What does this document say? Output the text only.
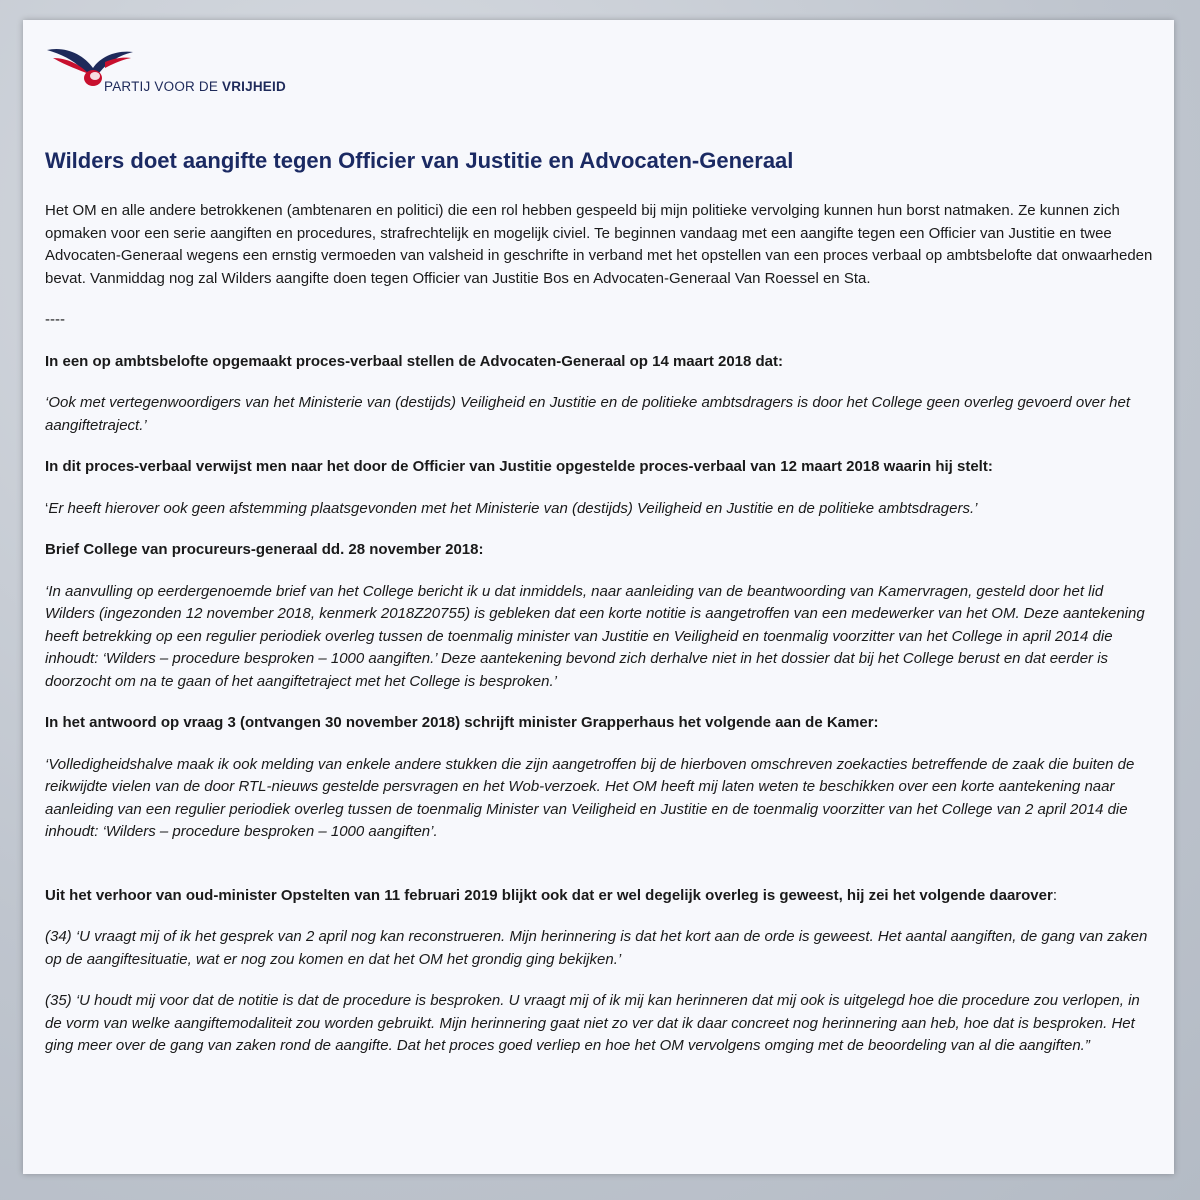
PARTIJ VOOR DE VRIJHEID
Wilders doet aangifte tegen Officier van Justitie en Advocaten-Generaal

Het OM en alle andere betrokkenen (ambtenaren en politici) die een rol hebben gespeeld bij mijn politieke vervolging kunnen hun borst natmaken. Ze kunnen zich opmaken voor een serie aangiften en procedures, strafrechtelijk en mogelijk civiel. Te beginnen vandaag met een aangifte tegen een Officier van Justitie en twee Advocaten-Generaal wegens een ernstig vermoeden van valsheid in geschrifte in verband met het opstellen van een proces verbaal op ambtsbelofte dat onwaarheden bevat. Vanmiddag nog zal Wilders aangifte doen tegen Officier van Justitie Bos en Advocaten-Generaal Van Roessel en Sta.

----

In een op ambtsbelofte opgemaakt proces-verbaal stellen de Advocaten-Generaal op 14 maart 2018 dat:

‘Ook met vertegenwoordigers van het Ministerie van (destijds) Veiligheid en Justitie en de politieke ambtsdragers is door het College geen overleg gevoerd over het aangiftetraject.’

In dit proces-verbaal verwijst men naar het door de Officier van Justitie opgestelde proces-verbaal van 12 maart 2018 waarin hij stelt:

‘Er heeft hierover ook geen afstemming plaatsgevonden met het Ministerie van (destijds) Veiligheid en Justitie en de politieke ambtsdragers.’

Brief College van procureurs-generaal dd. 28 november 2018:

‘In aanvulling op eerdergenoemde brief van het College bericht ik u dat inmiddels, naar aanleiding van de beantwoording van Kamervragen, gesteld door het lid Wilders (ingezonden 12 november 2018, kenmerk 2018Z20755) is gebleken dat een korte notitie is aangetroffen van een medewerker van het OM. Deze aantekening heeft betrekking op een regulier periodiek overleg tussen de toenmalig minister van Justitie en Veiligheid en toenmalig voorzitter van het College in april 2014 die inhoudt: ‘Wilders – procedure besproken – 1000 aangiften.’ Deze aantekening bevond zich derhalve niet in het dossier dat bij het College berust en dat eerder is doorzocht om na te gaan of het aangiftetraject met het College is besproken.’

In het antwoord op vraag 3 (ontvangen 30 november 2018) schrijft minister Grapperhaus het volgende aan de Kamer:

‘Volledigheidshalve maak ik ook melding van enkele andere stukken die zijn aangetroffen bij de hierboven omschreven zoekacties betreffende de zaak die buiten de reikwijdte vielen van de door RTL-nieuws gestelde persvragen en het Wob-verzoek. Het OM heeft mij laten weten te beschikken over een korte aantekening naar aanleiding van een regulier periodiek overleg tussen de toenmalig Minister van Veiligheid en Justitie en de toenmalig voorzitter van het College van 2 april 2014 die inhoudt: ‘Wilders – procedure besproken – 1000 aangiften’.

Uit het verhoor van oud-minister Opstelten van 11 februari 2019 blijkt ook dat er wel degelijk overleg is geweest, hij zei het volgende daarover:

(34) ‘U vraagt mij of ik het gesprek van 2 april nog kan reconstrueren. Mijn herinnering is dat het kort aan de orde is geweest. Het aantal aangiften, de gang van zaken op de aangiftesituatie, wat er nog zou komen en dat het OM het grondig ging bekijken.’

(35) ‘U houdt mij voor dat de notitie is dat de procedure is besproken. U vraagt mij of ik mij kan herinneren dat mij ook is uitgelegd hoe die procedure zou verlopen, in de vorm van welke aangiftemodaliteit zou worden gebruikt. Mijn herinnering gaat niet zo ver dat ik daar concreet nog herinnering aan heb, hoe dat is besproken. Het ging meer over de gang van zaken rond de aangifte. Dat het proces goed verliep en hoe het OM vervolgens omging met de beoordeling van al die aangiften.”
